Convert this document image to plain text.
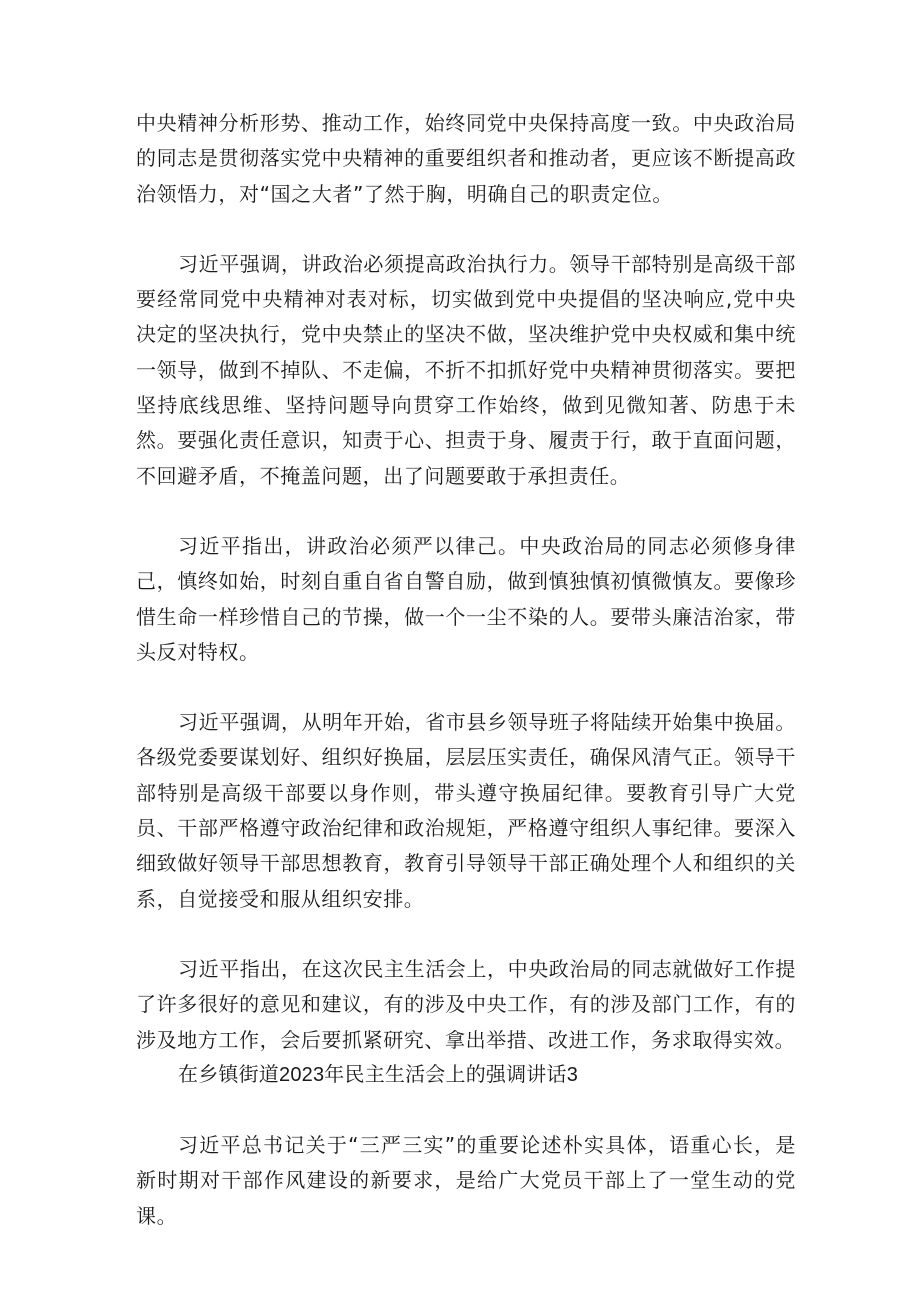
中央精神分析形势、推动工作，始终同党中央保持高度一致。中央政治局的同志是贯彻落实党中央精神的重要组织者和推动者，更应该不断提高政治领悟力，对“国之大者”了然于胸，明确自己的职责定位。

习近平强调，讲政治必须提高政治执行力。领导干部特别是高级干部要经常同党中央精神对表对标，切实做到党中央提倡的坚决响应,党中央决定的坚决执行，党中央禁止的坚决不做，坚决维护党中央权威和集中统一领导，做到不掉队、不走偏，不折不扣抓好党中央精神贯彻落实。要把坚持底线思维、坚持问题导向贯穿工作始终，做到见微知著、防患于未然。要强化责任意识，知责于心、担责于身、履责于行，敢于直面问题，不回避矛盾，不掩盖问题，出了问题要敢于承担责任。

习近平指出，讲政治必须严以律己。中央政治局的同志必须修身律己，慎终如始，时刻自重自省自警自励，做到慎独慎初慎微慎友。要像珍惜生命一样珍惜自己的节操，做一个一尘不染的人。要带头廉洁治家，带头反对特权。

习近平强调，从明年开始，省市县乡领导班子将陆续开始集中换届。各级党委要谋划好、组织好换届，层层压实责任，确保风清气正。领导干部特别是高级干部要以身作则，带头遵守换届纪律。要教育引导广大党员、干部严格遵守政治纪律和政治规矩，严格遵守组织人事纪律。要深入细致做好领导干部思想教育，教育引导领导干部正确处理个人和组织的关系，自觉接受和服从组织安排。

习近平指出，在这次民主生活会上，中央政治局的同志就做好工作提了许多很好的意见和建议，有的涉及中央工作，有的涉及部门工作，有的涉及地方工作，会后要抓紧研究、拿出举措、改进工作，务求取得实效。

在乡镇街道2023年民主生活会上的强调讲话3

习近平总书记关于“三严三实”的重要论述朴实具体，语重心长，是新时期对干部作风建设的新要求，是给广大党员干部上了一堂生动的党课。
